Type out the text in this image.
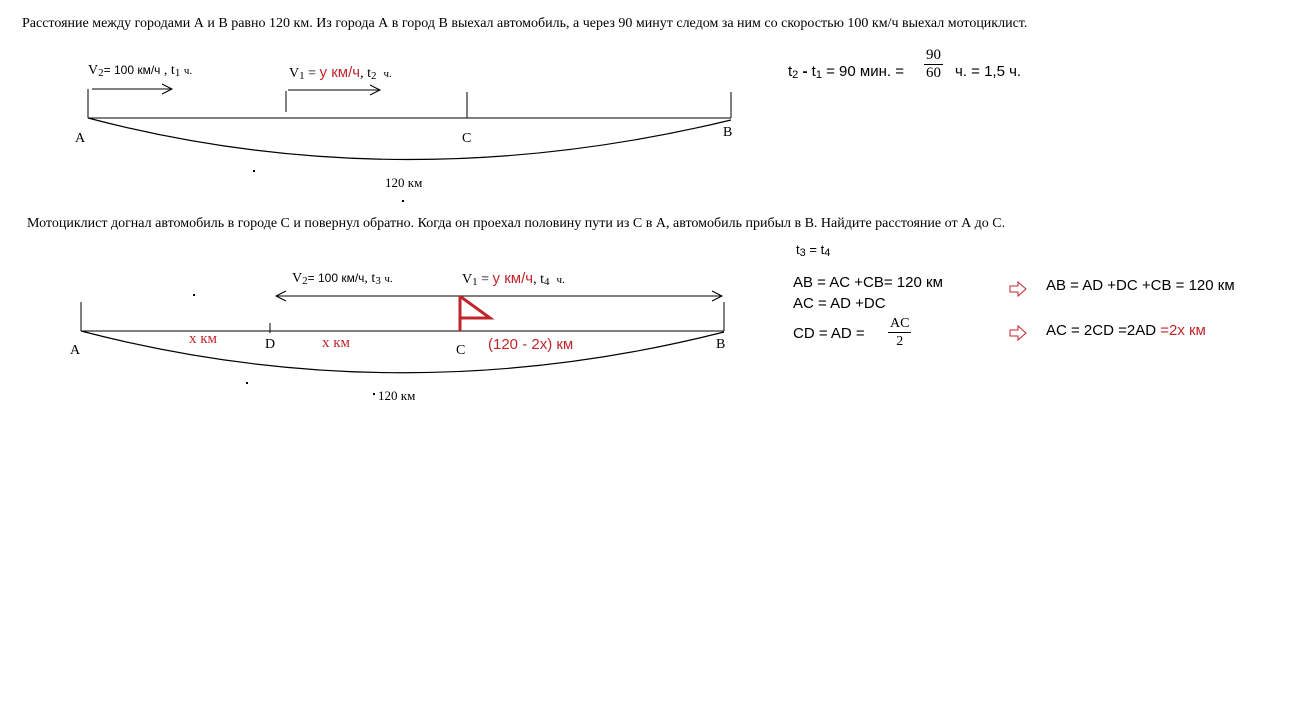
Расстояние между городами А и В равно 120 км. Из города А в город В выехал автомобиль, а через 90 минут следом за ним со скоростью 100 км/ч выехал мотоциклист.
Мотоциклист догнал автомобиль в городе С и повернул обратно. Когда он проехал половину пути из С в А, автомобиль прибыл в В. Найдите расстояние от А до С.
A	C	B
V2= 100 км/ч , t1 ч.	V1 = у км/ч, t2 ч.
120 км
t2 - t1 = 90 мин. = $\frac{90}{60} ч$. = 1,5 ч.
A	D	C	B
x км	x км	(120 - 2x) км
V2= 100 км/ч, t3 ч.	V1 = у км/ч, t4 ч.
120 км
t3 = t4
AB = AC +CB= 120 км
AC = AD +DC
CD = AD = $\frac{AC}{2}$
AB = AD +DC +CB = 120 км
AC = 2CD =2AD =2x км
